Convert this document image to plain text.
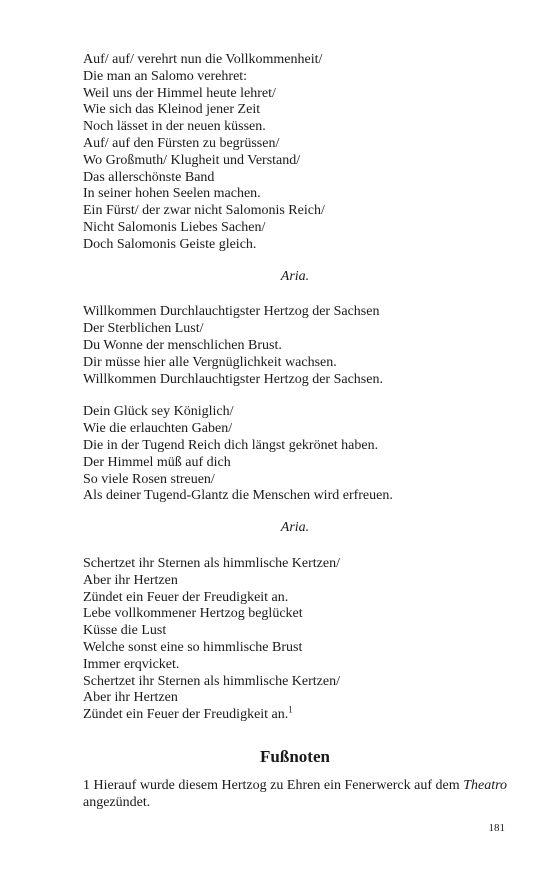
Auf/ auf/ verehrt nun die Vollkommenheit/
Die man an Salomo verehret:
Weil uns der Himmel heute lehret/
Wie sich das Kleinod jener Zeit
Noch lässet in der neuen küssen.
Auf/ auf den Fürsten zu begrüssen/
Wo Großmuth/ Klugheit und Verstand/
Das allerschönste Band
In seiner hohen Seelen machen.
Ein Fürst/ der zwar nicht Salomonis Reich/
Nicht Salomonis Liebes Sachen/
Doch Salomonis Geiste gleich.
Aria.
Willkommen Durchlauchtigster Hertzog der Sachsen
Der Sterblichen Lust/
Du Wonne der menschlichen Brust.
Dir müsse hier alle Vergnüglichkeit wachsen.
Willkommen Durchlauchtigster Hertzog der Sachsen.
Dein Glück sey Königlich/
Wie die erlauchten Gaben/
Die in der Tugend Reich dich längst gekrönet haben.
Der Himmel müß auf dich
So viele Rosen streuen/
Als deiner Tugend-Glantz die Menschen wird erfreuen.
Aria.
Schertzet ihr Sternen als himmlische Kertzen/
Aber ihr Hertzen
Zündet ein Feuer der Freudigkeit an.
Lebe vollkommener Hertzog beglücket
Küsse die Lust
Welche sonst eine so himmlische Brust
Immer erqvicket.
Schertzet ihr Sternen als himmlische Kertzen/
Aber ihr Hertzen
Zündet ein Feuer der Freudigkeit an.$^1$
Fußnoten
1 Hierauf wurde diesem Hertzog zu Ehren ein Fenerwerck auf dem Theatro angezündet.
181
